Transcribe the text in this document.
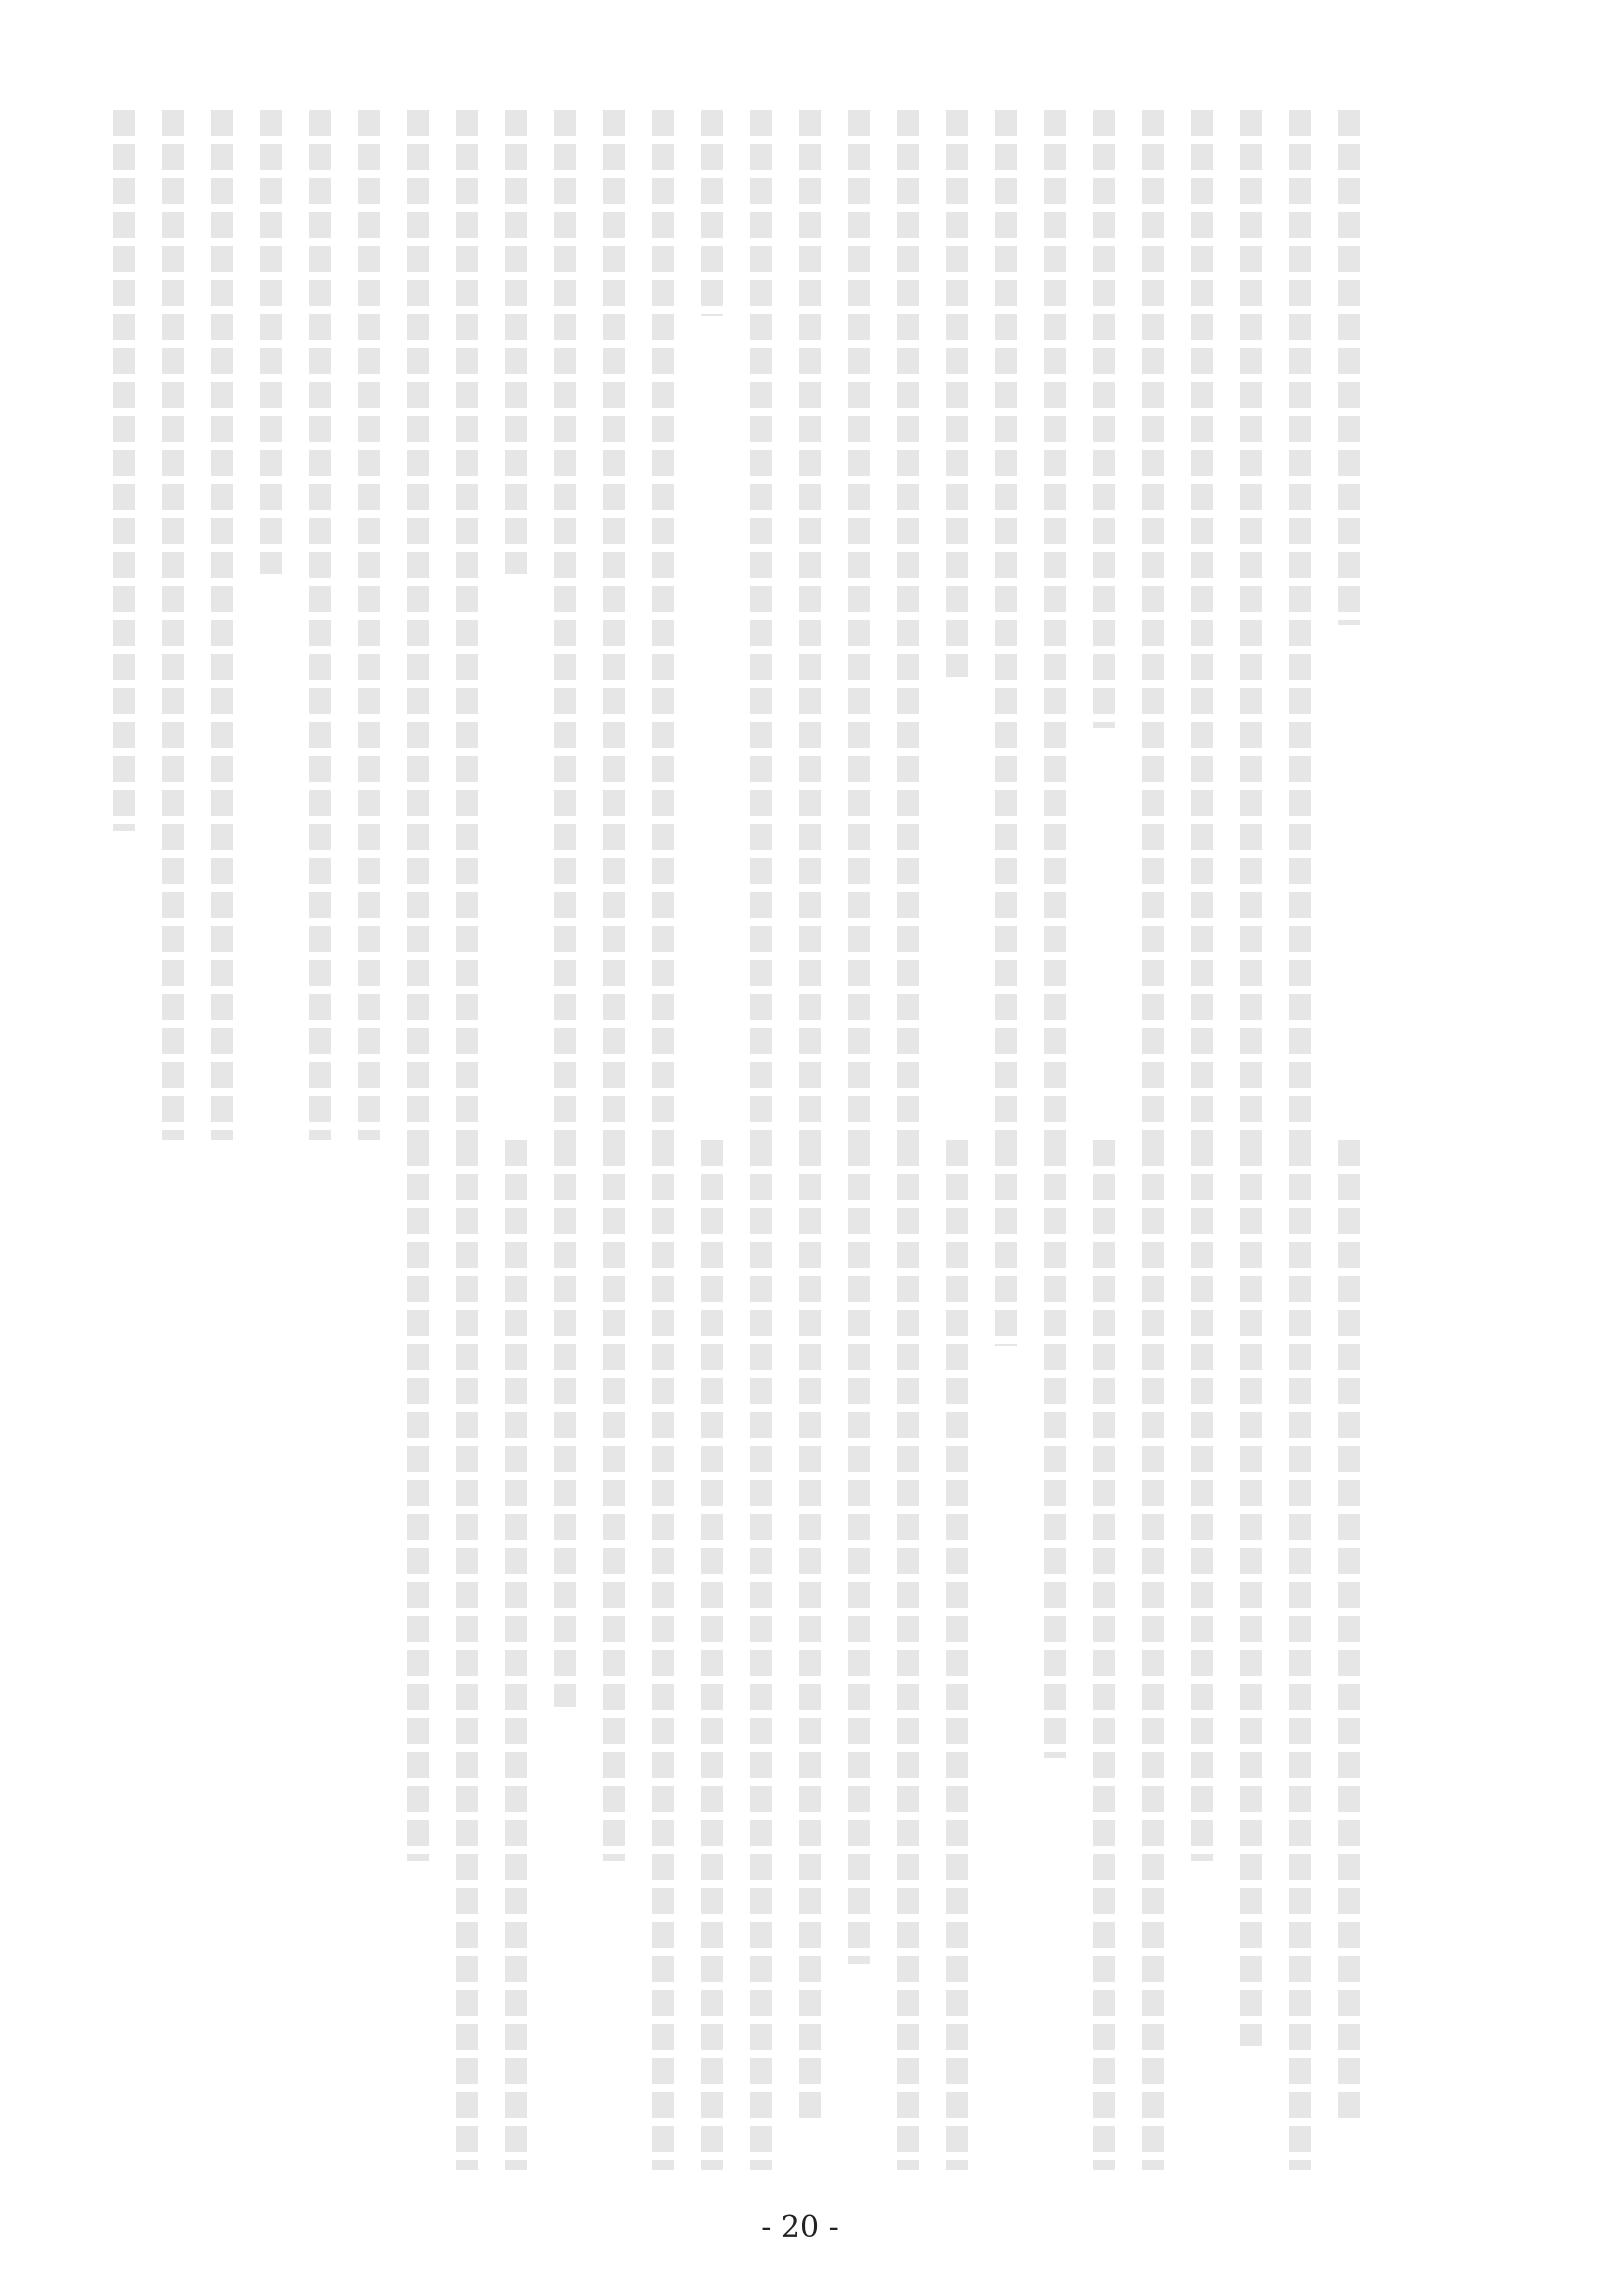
- 20 -
